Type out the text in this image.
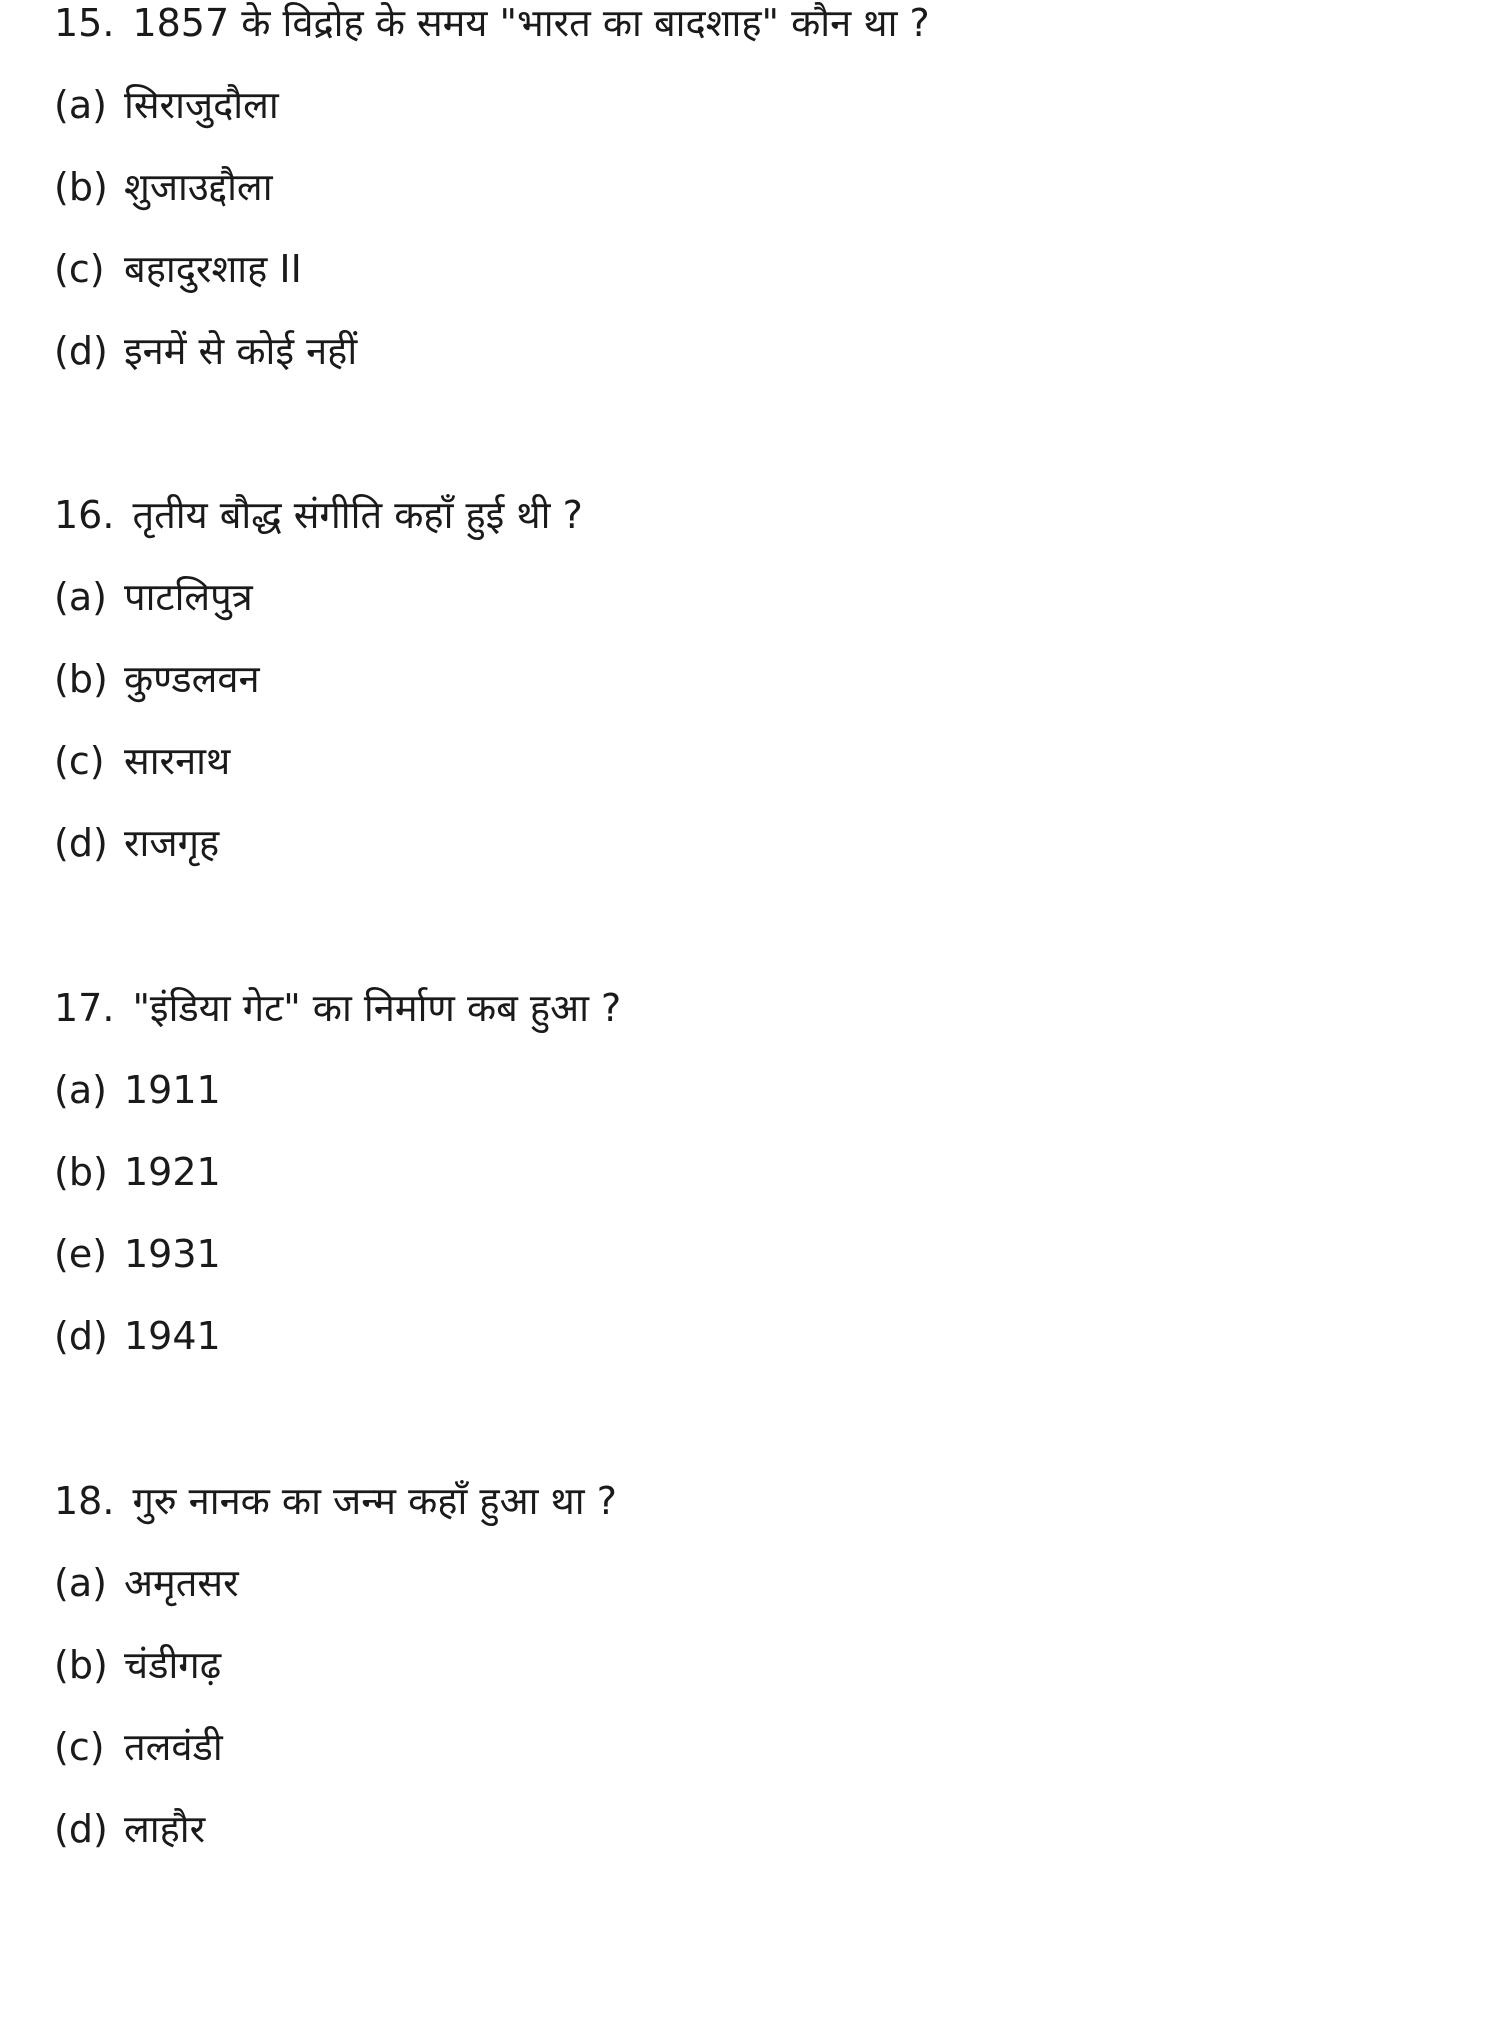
15. 1857 के विद्रोह के समय "भारत का बादशाह" कौन था ?
(a) सिराजुदौला
(b) शुजाउद्दौला
(c) बहादुरशाह II
(d) इनमें से कोई नहीं
16. तृतीय बौद्ध संगीति कहाँ हुई थी ?
(a) पाटलिपुत्र
(b) कुण्डलवन
(c) सारनाथ
(d) राजगृह
17. "इंडिया गेट" का निर्माण कब हुआ ?
(a) 1911
(b) 1921
(e) 1931
(d) 1941
18. गुरु नानक का जन्म कहाँ हुआ था ?
(a) अमृतसर
(b) चंडीगढ़
(c) तलवंडी
(d) लाहौर
